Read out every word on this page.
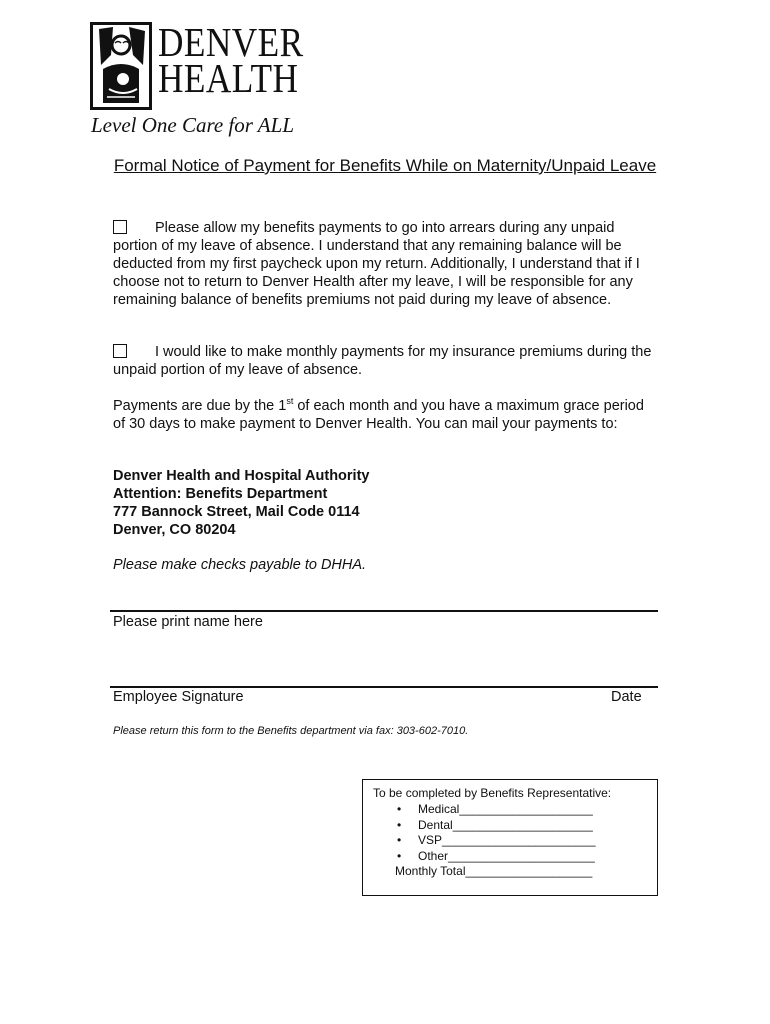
DENVER
HEALTH
Level One Care for ALL
Formal Notice of Payment for Benefits While on Maternity/Unpaid Leave
Please allow my benefits payments to go into arrears during any unpaid portion of my leave of absence. I understand that any remaining balance will be deducted from my first paycheck upon my return. Additionally, I understand that if I choose not to return to Denver Health after my leave, I will be responsible for any remaining balance of benefits premiums not paid during my leave of absence.
I would like to make monthly payments for my insurance premiums during the unpaid portion of my leave of absence.
Payments are due by the 1st of each month and you have a maximum grace period of 30 days to make payment to Denver Health. You can mail your payments to:
Denver Health and Hospital Authority
Attention: Benefits Department
777 Bannock Street, Mail Code 0114
Denver, CO 80204
Please make checks payable to DHHA.
Please print name here
Employee Signature	Date
Please return this form to the Benefits department via fax: 303-602-7010.
To be completed by Benefits Representative:
• Medical____________________
• Dental_____________________
• VSP_______________________
• Other______________________
Monthly Total___________________
